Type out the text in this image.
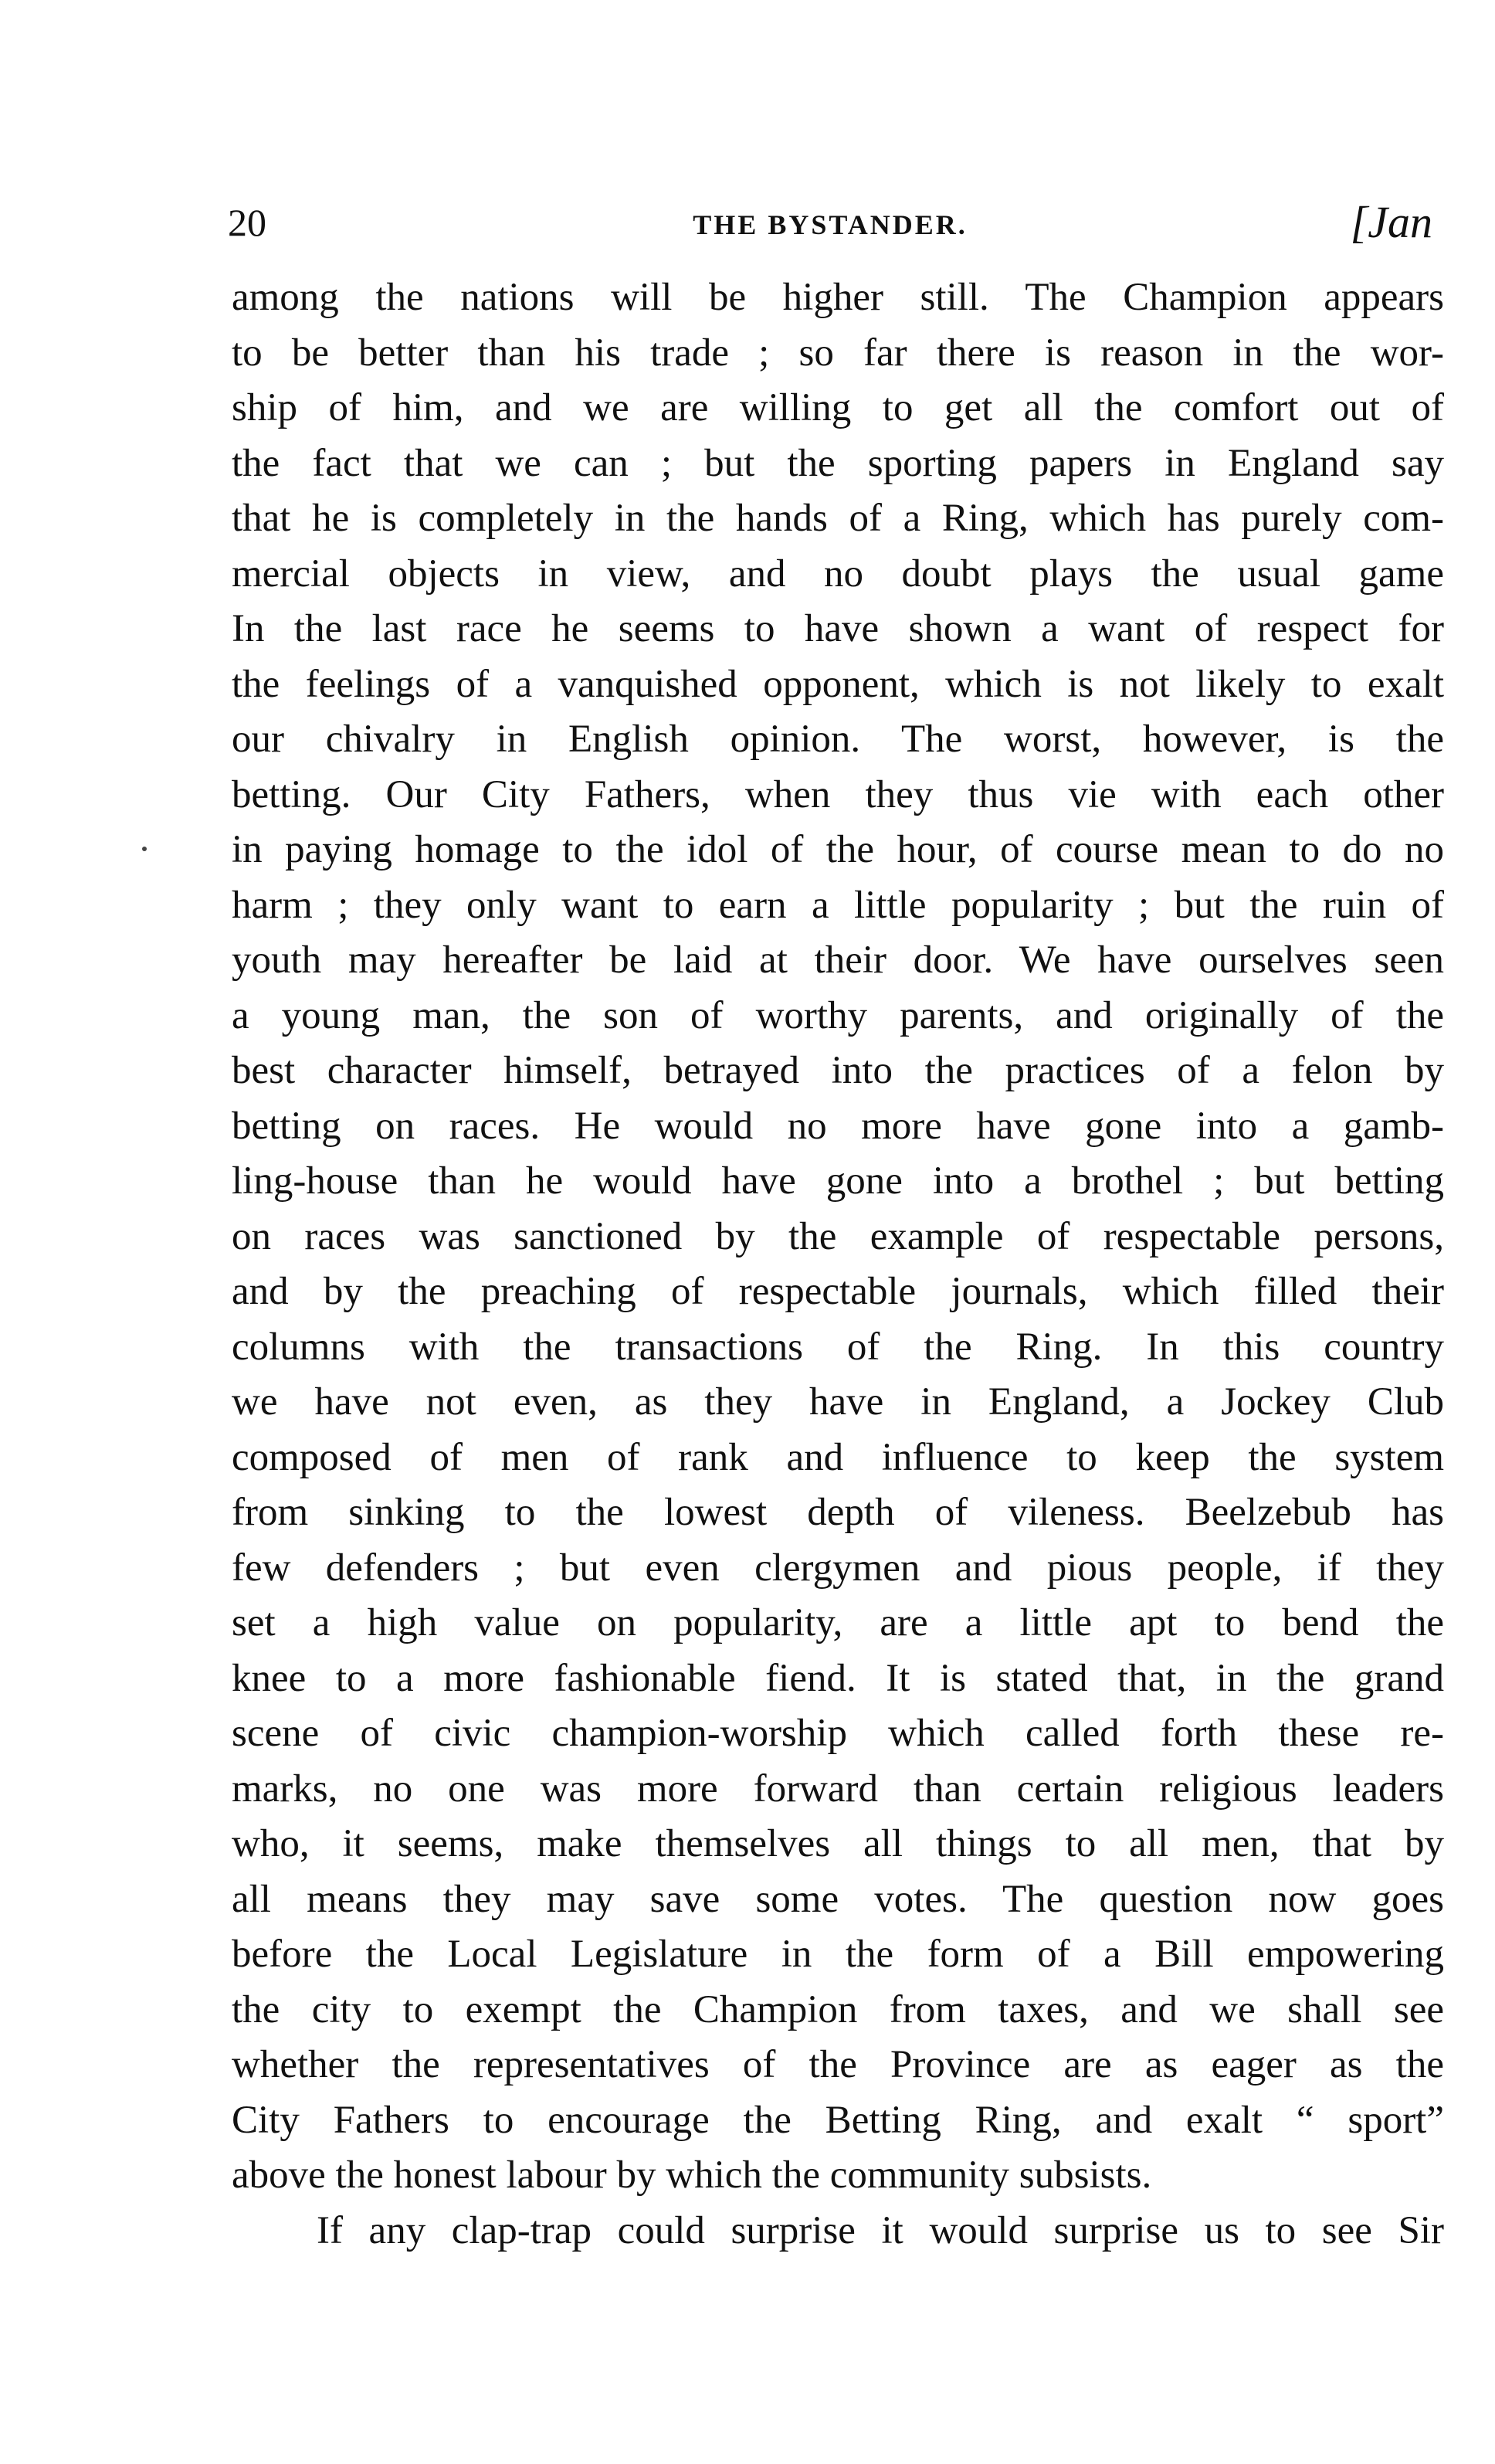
20	THE BYSTANDER.	[Jan
among the nations will be higher still. The Champion appears
to be better than his trade ; so far there is reason in the wor-
ship of him, and we are willing to get all the comfort out of
the fact that we can ; but the sporting papers in England say
that he is completely in the hands of a Ring, which has purely com-
mercial objects in view, and no doubt plays the usual game
In the last race he seems to have shown a want of respect for
the feelings of a vanquished opponent, which is not likely to exalt
our chivalry in English opinion. The worst, however, is the
betting. Our City Fathers, when they thus vie with each other
in paying homage to the idol of the hour, of course mean to do no
harm ; they only want to earn a little popularity ; but the ruin of
youth may hereafter be laid at their door. We have ourselves seen
a young man, the son of worthy parents, and originally of the
best character himself, betrayed into the practices of a felon by
betting on races. He would no more have gone into a gamb-
ling-house than he would have gone into a brothel ; but betting
on races was sanctioned by the example of respectable persons,
and by the preaching of respectable journals, which filled their
columns with the transactions of the Ring. In this country
we have not even, as they have in England, a Jockey Club
composed of men of rank and influence to keep the system
from sinking to the lowest depth of vileness. Beelzebub has
few defenders ; but even clergymen and pious people, if they
set a high value on popularity, are a little apt to bend the
knee to a more fashionable fiend. It is stated that, in the grand
scene of civic champion-worship which called forth these re-
marks, no one was more forward than certain religious leaders
who, it seems, make themselves all things to all men, that by
all means they may save some votes. The question now goes
before the Local Legislature in the form of a Bill empowering
the city to exempt the Champion from taxes, and we shall see
whether the representatives of the Province are as eager as the
City Fathers to encourage the Betting Ring, and exalt “ sport”
above the honest labour by which the community subsists.
If any clap-trap could surprise it would surprise us to see Sir
